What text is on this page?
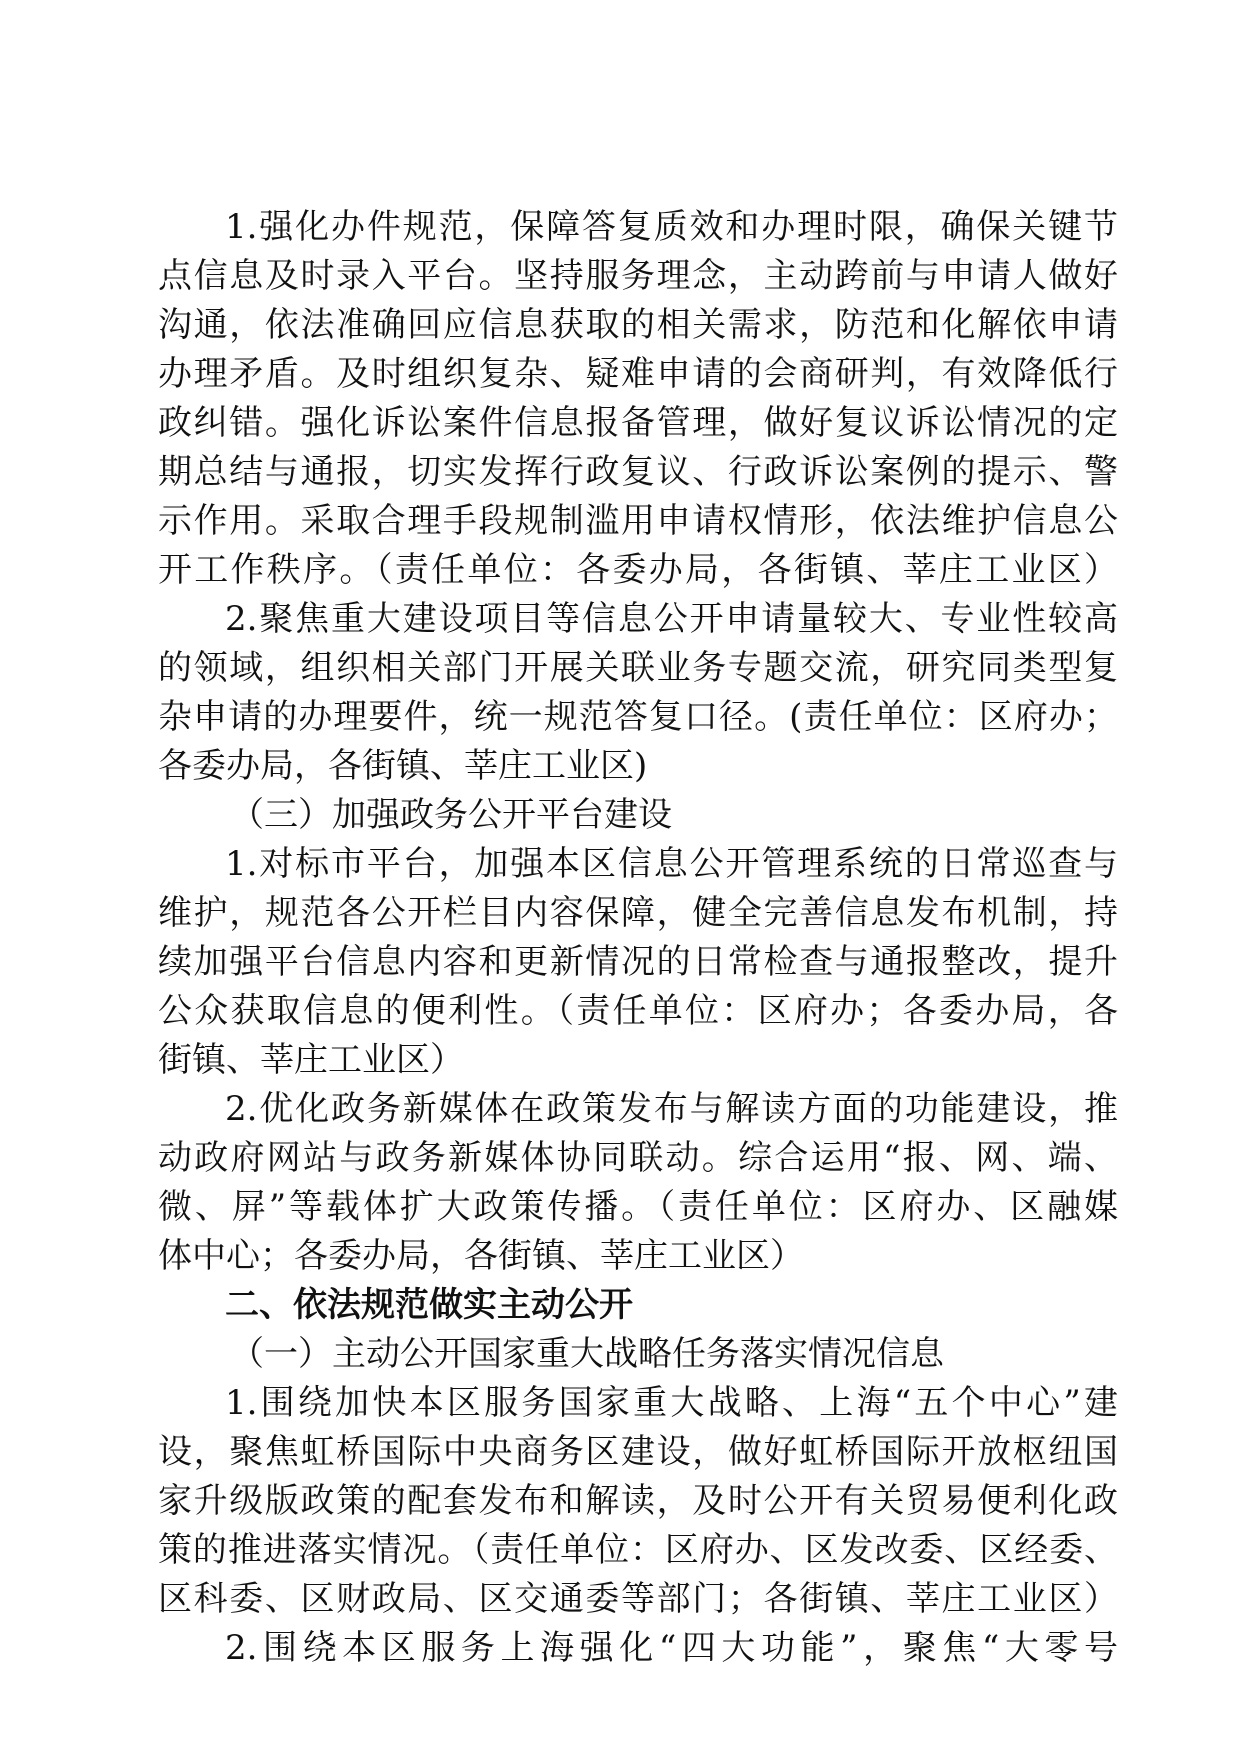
1.强化办件规范，保障答复质效和办理时限，确保关键节
点信息及时录入平台。坚持服务理念，主动跨前与申请人做好
沟通，依法准确回应信息获取的相关需求，防范和化解依申请
办理矛盾。及时组织复杂、疑难申请的会商研判，有效降低行
政纠错。强化诉讼案件信息报备管理，做好复议诉讼情况的定
期总结与通报，切实发挥行政复议、行政诉讼案例的提示、警
示作用。采取合理手段规制滥用申请权情形，依法维护信息公
开工作秩序。（责任单位：各委办局，各街镇、莘庄工业区）
2.聚焦重大建设项目等信息公开申请量较大、专业性较高
的领域，组织相关部门开展关联业务专题交流，研究同类型复
杂申请的办理要件，统一规范答复口径。(责任单位：区府办；
各委办局，各街镇、莘庄工业区)
（三）加强政务公开平台建设
1.对标市平台，加强本区信息公开管理系统的日常巡查与
维护，规范各公开栏目内容保障，健全完善信息发布机制，持
续加强平台信息内容和更新情况的日常检查与通报整改，提升
公众获取信息的便利性。（责任单位：区府办；各委办局，各
街镇、莘庄工业区）
2.优化政务新媒体在政策发布与解读方面的功能建设，推
动政府网站与政务新媒体协同联动。综合运用“报、网、端、
微、屏”等载体扩大政策传播。（责任单位：区府办、区融媒
体中心；各委办局，各街镇、莘庄工业区）
二、依法规范做实主动公开
（一）主动公开国家重大战略任务落实情况信息
1.围绕加快本区服务国家重大战略、上海“五个中心”建
设，聚焦虹桥国际中央商务区建设，做好虹桥国际开放枢纽国
家升级版政策的配套发布和解读，及时公开有关贸易便利化政
策的推进落实情况。（责任单位：区府办、区发改委、区经委、
区科委、区财政局、区交通委等部门；各街镇、莘庄工业区）
2.围绕本区服务上海强化“四大功能”，聚焦“大零号
